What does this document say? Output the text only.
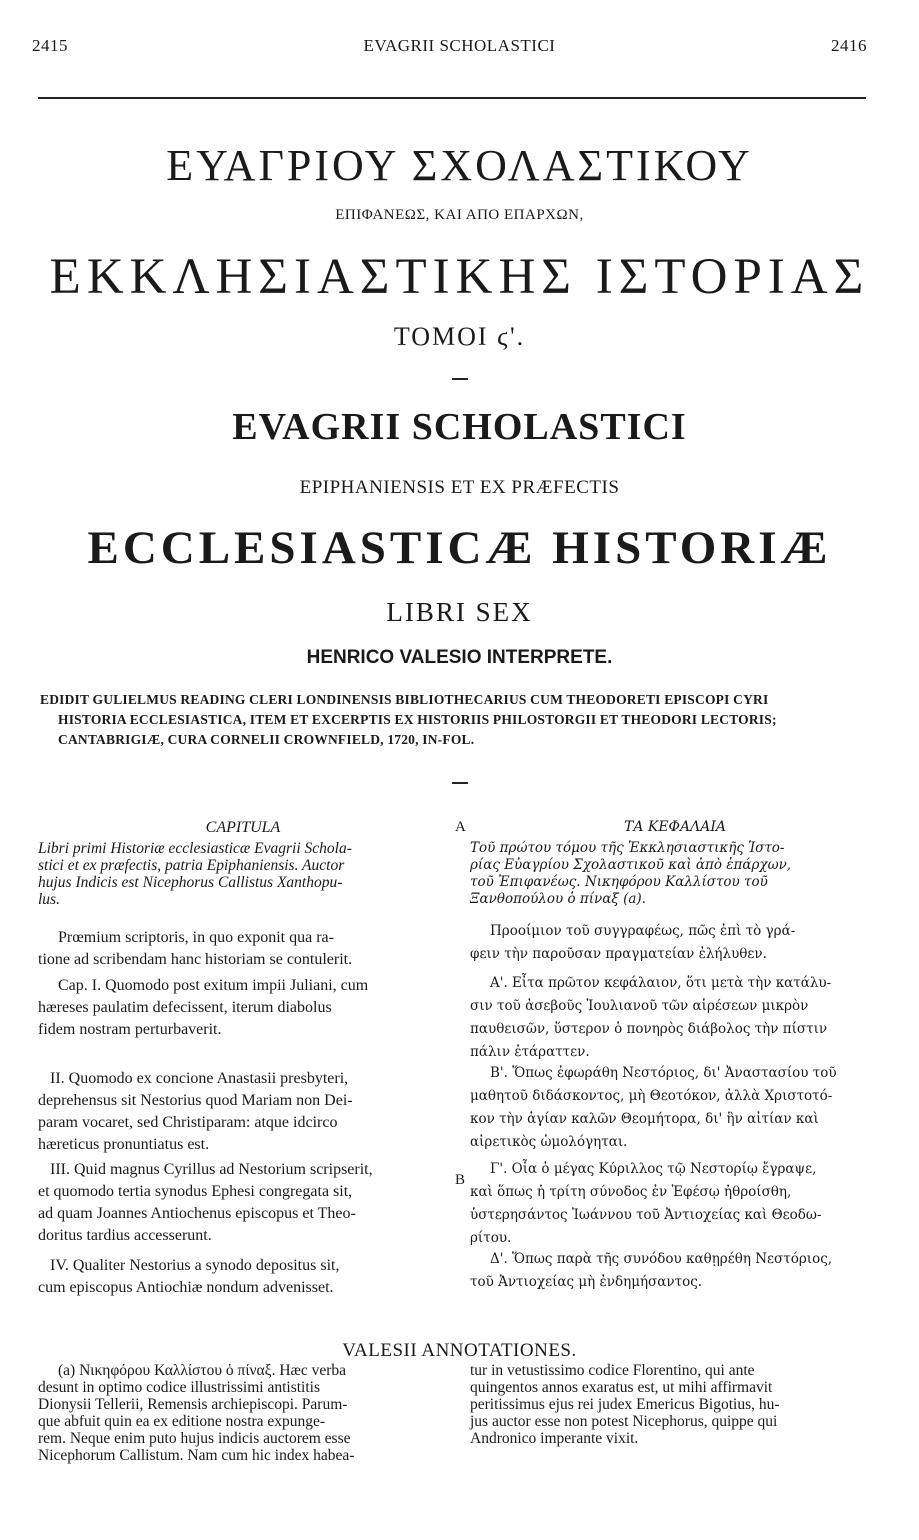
2415	EVAGRII SCHOLASTICI	2416
ΕΥΑΓΡΙΟΥ ΣΧΟΛΑΣΤΙΚΟΥ
ΕΠΙΦΑΝΕΩΣ, ΚΑΙ ΑΠΟ ΕΠΑΡΧΩΝ,
ΕΚΚΛΗΣΙΑΣΤΙΚΗΣ ΙΣΤΟΡΙΑΣ
ΤΟΜΟΙ ϛ'.
EVAGRII SCHOLASTICI
EPIPHANIENSIS ET EX PRÆFECTIS
ECCLESIASTICÆ HISTORIÆ
LIBRI SEX
HENRICO VALESIO INTERPRETE.
EDIDIT GULIELMUS READING CLERI LONDINENSIS BIBLIOTHECARIUS CUM THEODORETI EPISCOPI CYRI
HISTORIA ECCLESIASTICA, ITEM ET EXCERPTIS EX HISTORIIS PHILOSTORGII ET THEODORI LECTORIS;
CANTABRIGIÆ, CURA CORNELII CROWNFIELD, 1720, IN-FOL.
A
B
CAPITULA
Libri primi Historiæ ecclesiasticæ Evagrii Schola-
stici et ex præfectis, patria Epiphaniensis. Auctor
hujus Indicis est Nicephorus Callistus Xanthopu-
lus.
Prœmium scriptoris, in quo exponit qua ra-
tione ad scribendam hanc historiam se contulerit.
Cap. I. Quomodo post exitum impii Juliani, cum
hæreses paulatim defecissent, iterum diabolus
fidem nostram perturbaverit.
II. Quomodo ex concione Anastasii presbyteri,
deprehensus sit Nestorius quod Mariam non Dei-
param vocaret, sed Christiparam: atque idcirco
hæreticus pronuntiatus est.
III. Quid magnus Cyrillus ad Nestorium scripserit,
et quomodo tertia synodus Ephesi congregata sit,
ad quam Joannes Antiochenus episcopus et Theo-
doritus tardius accesserunt.
IV. Qualiter Nestorius a synodo depositus sit,
cum episcopus Antiochiæ nondum advenisset.
ΤΑ ΚΕΦΑΛΑΙΑ
Τοῦ πρώτου τόμου τῆς Ἐκκλησιαστικῆς Ἱστο-
ρίας Εὐαγρίου Σχολαστικοῦ καὶ ἀπὸ ἐπάρχων,
τοῦ Ἐπιφανέως. Νικηφόρου Καλλίστου τοῦ
Ξανθοπούλου ὁ πίναξ (a).
Προοίμιον τοῦ συγγραφέως, πῶς ἐπὶ τὸ γρά-
φειν τὴν παροῦσαν πραγματείαν ἐλήλυθεν.
Α'. Εἶτα πρῶτον κεφάλαιον, ὅτι μετὰ τὴν κατάλυ-
σιν τοῦ ἀσεβοῦς Ἰουλιανοῦ τῶν αἱρέσεων μικρὸν
παυθεισῶν, ὕστερον ὁ πονηρὸς διάβολος τὴν πίστιν
πάλιν ἐτάραττεν.
Β'. Ὅπως ἐφωράθη Νεστόριος, δι' Ἀναστασίου τοῦ
μαθητοῦ διδάσκοντος, μὴ Θεοτόκον, ἀλλὰ Χριστοτό-
κον τὴν ἁγίαν καλῶν Θεομήτορα, δι' ἣν αἰτίαν καὶ
αἱρετικὸς ὡμολόγηται.
Γ'. Οἷα ὁ μέγας Κύριλλος τῷ Νεστορίῳ ἔγραψε,
καὶ ὅπως ἡ τρίτη σύνοδος ἐν Ἐφέσῳ ἠθροίσθη,
ὑστερησάντος Ἰωάννου τοῦ Ἀντιοχείας καὶ Θεοδω-
ρίτου.
Δ'. Ὅπως παρὰ τῆς συνόδου καθῃρέθη Νεστόριος,
τοῦ Ἀντιοχείας μὴ ἐνδημήσαντος.
VALESII ANNOTATIONES.
(a) Νικηφόρου Καλλίστου ὁ πίναξ. Hæc verba
desunt in optimo codice illustrissimi antistitis
Dionysii Tellerii, Remensis archiepiscopi. Parum-
que abfuit quin ea ex editione nostra expunge-
rem. Neque enim puto hujus indicis auctorem esse
Nicephorum Callistum. Nam cum hic index habea-
tur in vetustissimo codice Florentino, qui ante
quingentos annos exaratus est, ut mihi affirmavit
peritissimus ejus rei judex Emericus Bigotius, hu-
jus auctor esse non potest Nicephorus, quippe qui
Andronico imperante vixit.
